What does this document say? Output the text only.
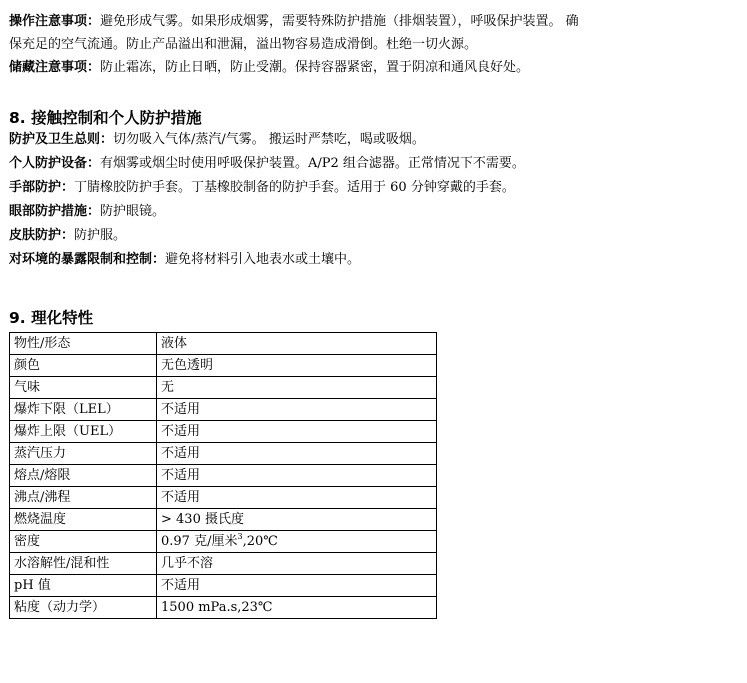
操作注意事项：避免形成气雾。如果形成烟雾，需要特殊防护措施（排烟装置），呼吸保护装置。 确
保充足的空气流通。防止产品溢出和泄漏，溢出物容易造成滑倒。杜绝一切火源。
储藏注意事项：防止霜冻，防止日晒，防止受潮。保持容器紧密，置于阴凉和通风良好处。
8. 接触控制和个人防护措施
防护及卫生总则：切勿吸入气体/蒸汽/气雾。 搬运时严禁吃，喝或吸烟。
个人防护设备：有烟雾或烟尘时使用呼吸保护装置。A/P2 组合滤器。正常情况下不需要。
手部防护：丁腈橡胶防护手套。丁基橡胶制备的防护手套。适用于 60 分钟穿戴的手套。
眼部防护措施：防护眼镜。
皮肤防护：防护服。
对环境的暴露限制和控制：避免将材料引入地表水或土壤中。
9. 理化特性
物性/形态	液体
颜色	无色透明
气味	无
爆炸下限（LEL）	不适用
爆炸上限（UEL）	不适用
蒸汽压力	不适用
熔点/熔限	不适用
沸点/沸程	不适用
燃烧温度	> 430 摄氏度
密度	0.97 克/厘米$^3$,20℃
水溶解性/混和性	几乎不溶
pH 值	不适用
粘度（动力学）	1500 mPa.s,23℃
